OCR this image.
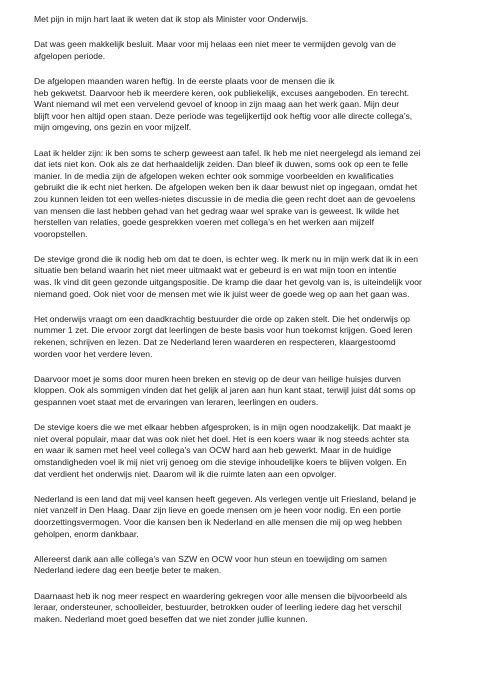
Met pijn in mijn hart laat ik weten dat ik stop als Minister voor Onderwijs.

Dat was geen makkelijk besluit. Maar voor mij helaas een niet meer te vermijden gevolg van de
afgelopen periode.

De afgelopen maanden waren heftig. In de eerste plaats voor de mensen die ik
heb gekwetst. Daarvoor heb ik meerdere keren, ook publiekelijk, excuses aangeboden. En terecht.
Want niemand wil met een vervelend gevoel of knoop in zijn maag aan het werk gaan. Mijn deur
blijft voor hen altijd open staan. Deze periode was tegelijkertijd ook heftig voor alle directe collega’s,
mijn omgeving, ons gezin en voor mijzelf.

Laat ik helder zijn: ik ben soms te scherp geweest aan tafel. Ik heb me niet neergelegd als iemand zei
dat iets niet kon. Ook als ze dat herhaaldelijk zeiden. Dan bleef ik duwen, soms ook op een te felle
manier. In de media zijn de afgelopen weken echter ook sommige voorbeelden en kwalificaties
gebruikt die ik echt niet herken. De afgelopen weken ben ik daar bewust niet op ingegaan, omdat het
zou kunnen leiden tot een welles-nietes discussie in de media die geen recht doet aan de gevoelens
van mensen die last hebben gehad van het gedrag waar wel sprake van is geweest. Ik wilde het
herstellen van relaties, goede gesprekken voeren met collega’s en het werken aan mijzelf
vooropstellen.

De stevige grond die ik nodig heb om dat te doen, is echter weg. Ik merk nu in mijn werk dat ik in een
situatie ben beland waarin het niet meer uitmaakt wat er gebeurd is en wat mijn toon en intentie
was. Ik vind dit geen gezonde uitgangspositie. De kramp die daar het gevolg van is, is uiteindelijk voor
niemand goed. Ook niet voor de mensen met wie ik juist weer de goede weg op aan het gaan was.

Het onderwijs vraagt om een daadkrachtig bestuurder die orde op zaken stelt. Die het onderwijs op
nummer 1 zet. Die ervoor zorgt dat leerlingen de beste basis voor hun toekomst krijgen. Goed leren
rekenen, schrijven en lezen. Dat ze Nederland leren waarderen en respecteren, klaargestoomd
worden voor het verdere leven.

Daarvoor moet je soms door muren heen breken en stevig op de deur van heilige huisjes durven
kloppen. Ook als sommigen vinden dat het gelijk al jaren aan hun kant staat, terwijl juist dát soms op
gespannen voet staat met de ervaringen van leraren, leerlingen en ouders.

De stevige koers die we met elkaar hebben afgesproken, is in mijn ogen noodzakelijk. Dat maakt je
niet overal populair, maar dat was ook niet het doel. Het is een koers waar ik nog steeds achter sta
en waar ik samen met heel veel collega’s van OCW hard aan heb gewerkt. Maar in de huidige
omstandigheden voel ik mij niet vrij genoeg om die stevige inhoudelijke koers te blijven volgen. En
dat verdient het onderwijs niet. Daarom wil ik die ruimte laten aan een opvolger.

Nederland is een land dat mij veel kansen heeft gegeven. Als verlegen ventje uit Friesland, beland je
niet vanzelf in Den Haag. Daar zijn lieve en goede mensen om je heen voor nodig. En een portie
doorzettingsvermogen. Voor die kansen ben ik Nederland en alle mensen die mij op weg hebben
geholpen, enorm dankbaar.

Allereerst dank aan alle collega’s van SZW en OCW voor hun steun en toewijding om samen
Nederland iedere dag een beetje beter te maken.

Daarnaast heb ik nog meer respect en waardering gekregen voor alle mensen die bijvoorbeeld als
leraar, ondersteuner, schoolleider, bestuurder, betrokken ouder of leerling iedere dag het verschil
maken. Nederland moet goed beseffen dat we niet zonder jullie kunnen.
